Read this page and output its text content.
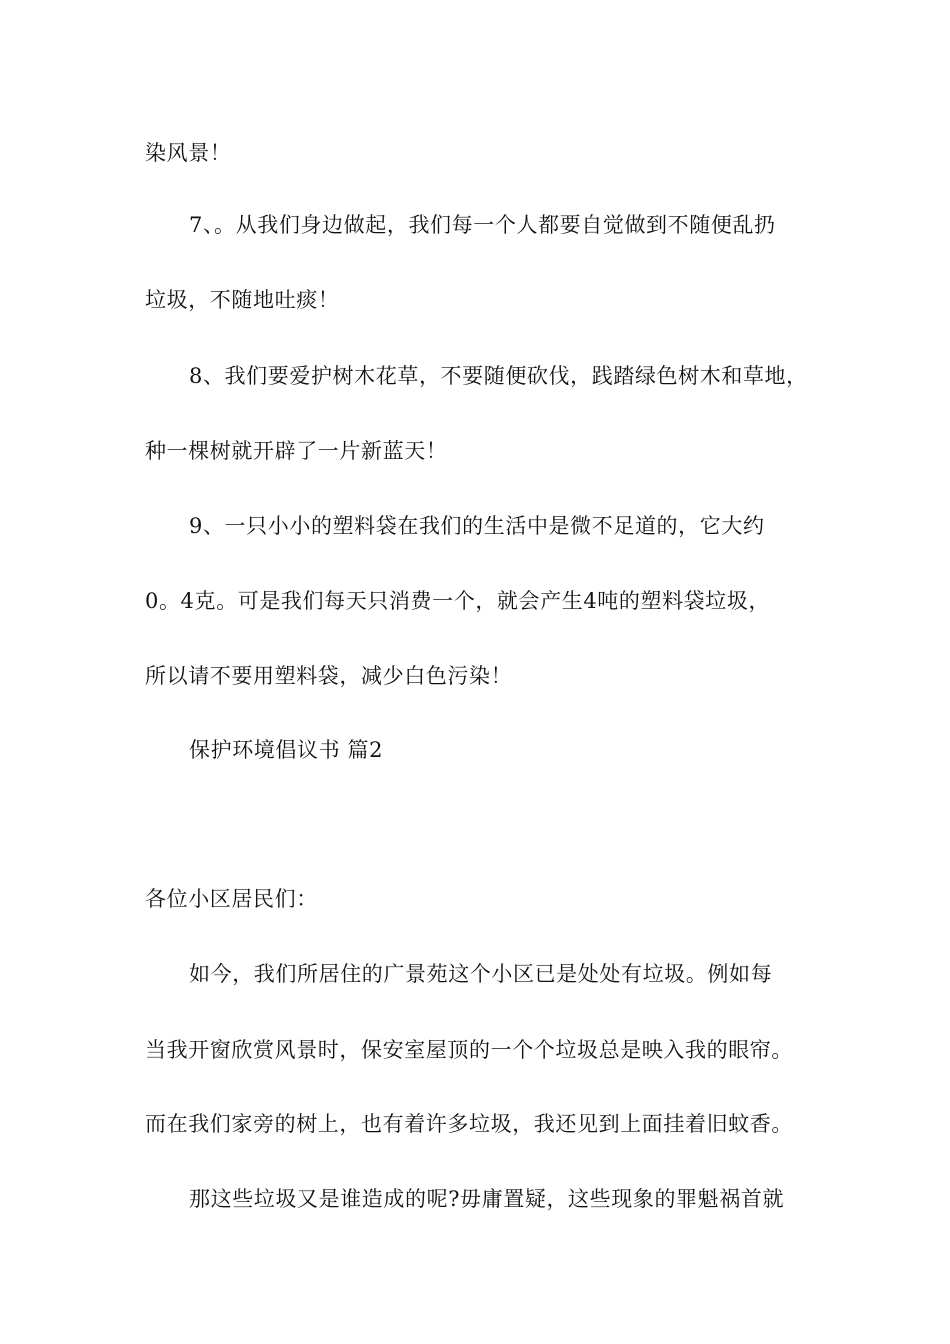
染风景！
7、。从我们身边做起，我们每一个人都要自觉做到不随便乱扔
垃圾，不随地吐痰！
8、我们要爱护树木花草，不要随便砍伐，践踏绿色树木和草地，
种一棵树就开辟了一片新蓝天！
9、一只小小的塑料袋在我们的生活中是微不足道的，它大约
0。4克。可是我们每天只消费一个，就会产生4吨的塑料袋垃圾，
所以请不要用塑料袋，减少白色污染！
保护环境倡议书 篇2
各位小区居民们：
如今，我们所居住的广景苑这个小区已是处处有垃圾。例如每
当我开窗欣赏风景时，保安室屋顶的一个个垃圾总是映入我的眼帘。
而在我们家旁的树上，也有着许多垃圾，我还见到上面挂着旧蚊香。
那这些垃圾又是谁造成的呢?毋庸置疑，这些现象的罪魁祸首就
